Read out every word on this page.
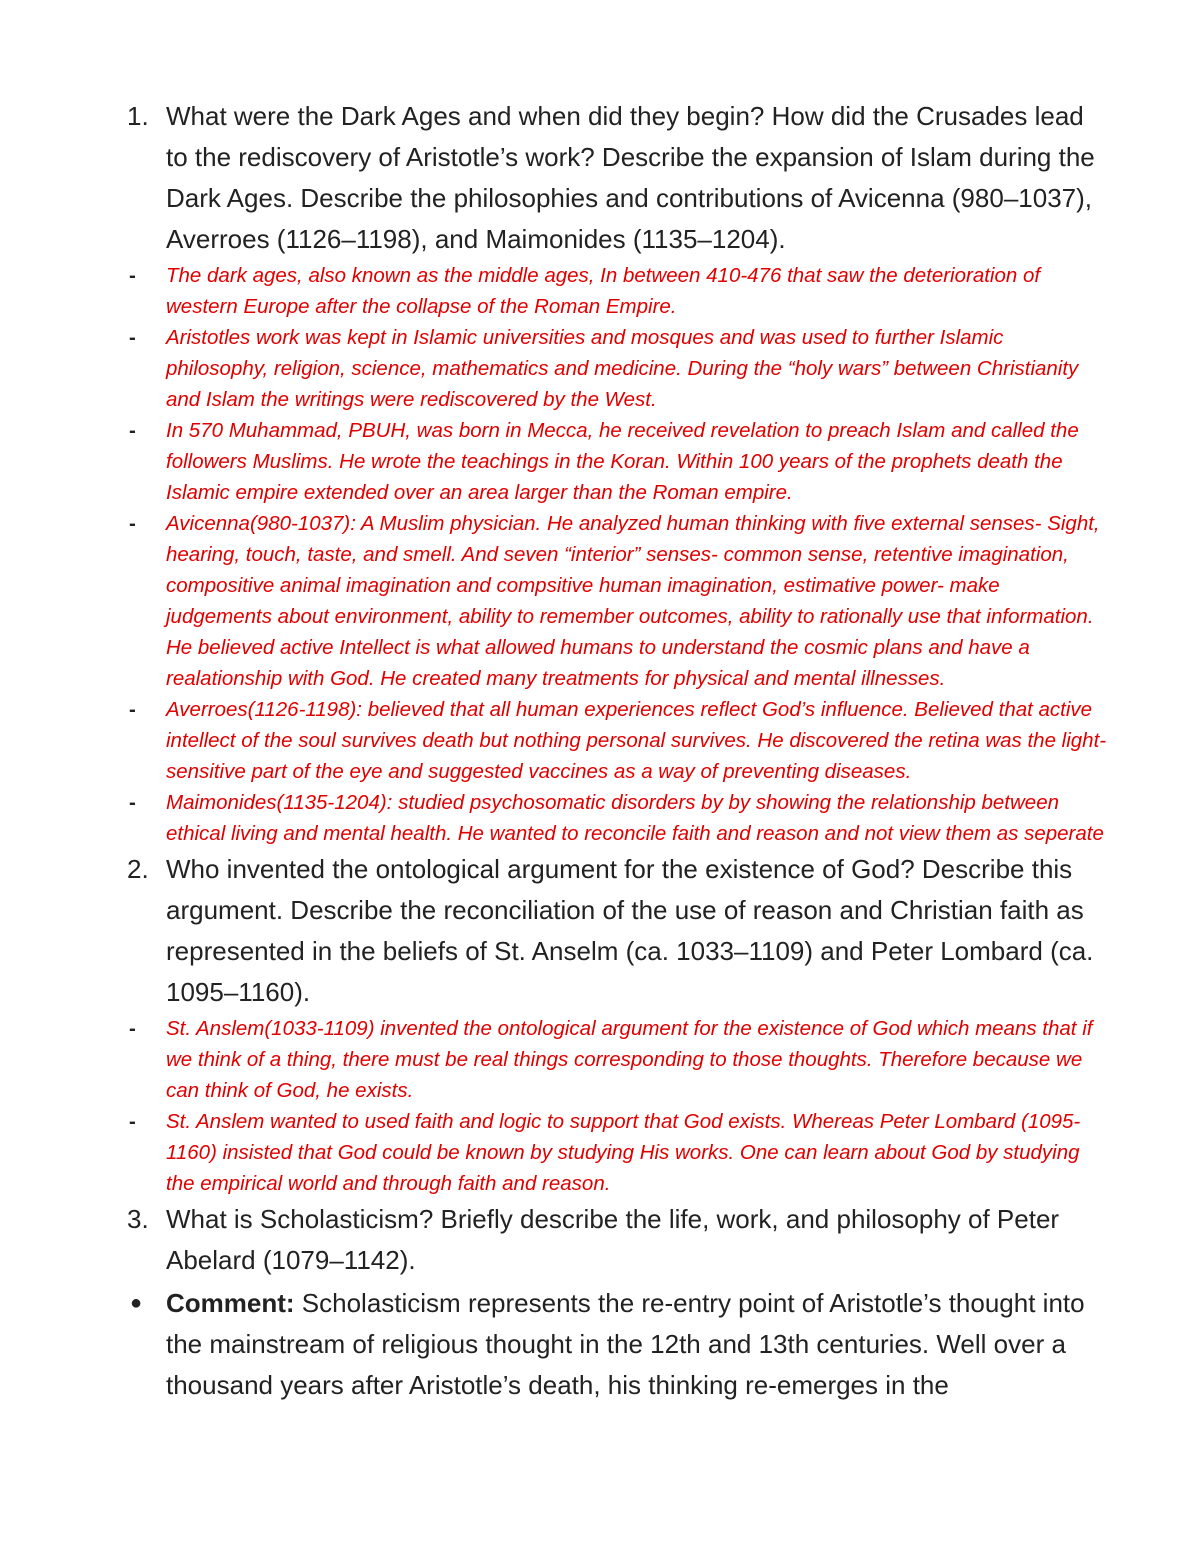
1. What were the Dark Ages and when did they begin? How did the Crusades lead to the rediscovery of Aristotle’s work? Describe the expansion of Islam during the Dark Ages. Describe the philosophies and contributions of Avicenna (980–1037), Averroes (1126–1198), and Maimonides (1135–1204).
-	The dark ages, also known as the middle ages, In between 410-476 that saw the deterioration of western Europe after the collapse of the Roman Empire.
-	Aristotles work was kept in Islamic universities and mosques and was used to further Islamic philosophy, religion, science, mathematics and medicine. During the “holy wars” between Christianity and Islam the writings were rediscovered by the West.
-	In 570 Muhammad, PBUH, was born in Mecca, he received revelation to preach Islam and called the followers Muslims. He wrote the teachings in the Koran. Within 100 years of the prophets death the Islamic empire extended over an area larger than the Roman empire.
-	Avicenna(980-1037): A Muslim physician. He analyzed human thinking with five external senses- Sight, hearing, touch, taste, and smell. And seven “interior” senses- common sense, retentive imagination, compositive animal imagination and compsitive human imagination, estimative power- make judgements about environment, ability to remember outcomes, ability to rationally use that information. He believed active Intellect is what allowed humans to understand the cosmic plans and have a realationship with God. He created many treatments for physical and mental illnesses.
-	Averroes(1126-1198): believed that all human experiences reflect God’s influence. Believed that active intellect of the soul survives death but nothing personal survives. He discovered the retina was the light-sensitive part of the eye and suggested vaccines as a way of preventing diseases.
-	Maimonides(1135-1204): studied psychosomatic disorders by by showing the relationship between ethical living and mental health. He wanted to reconcile faith and reason and not view them as seperate
2. Who invented the ontological argument for the existence of God? Describe this argument. Describe the reconciliation of the use of reason and Christian faith as represented in the beliefs of St. Anselm (ca. 1033–1109) and Peter Lombard (ca. 1095–1160).
-	St. Anslem(1033-1109) invented the ontological argument for the existence of God which means that if we think of a thing, there must be real things corresponding to those thoughts. Therefore because we can think of God, he exists.
-	St. Anslem wanted to used faith and logic to support that God exists. Whereas Peter Lombard (1095-1160) insisted that God could be known by studying His works. One can learn about God by studying the empirical world and through faith and reason.
3. What is Scholasticism? Briefly describe the life, work, and philosophy of Peter Abelard (1079–1142).
● Comment: Scholasticism represents the re-entry point of Aristotle’s thought into the mainstream of religious thought in the 12th and 13th centuries. Well over a thousand years after Aristotle’s death, his thinking re-emerges in the
